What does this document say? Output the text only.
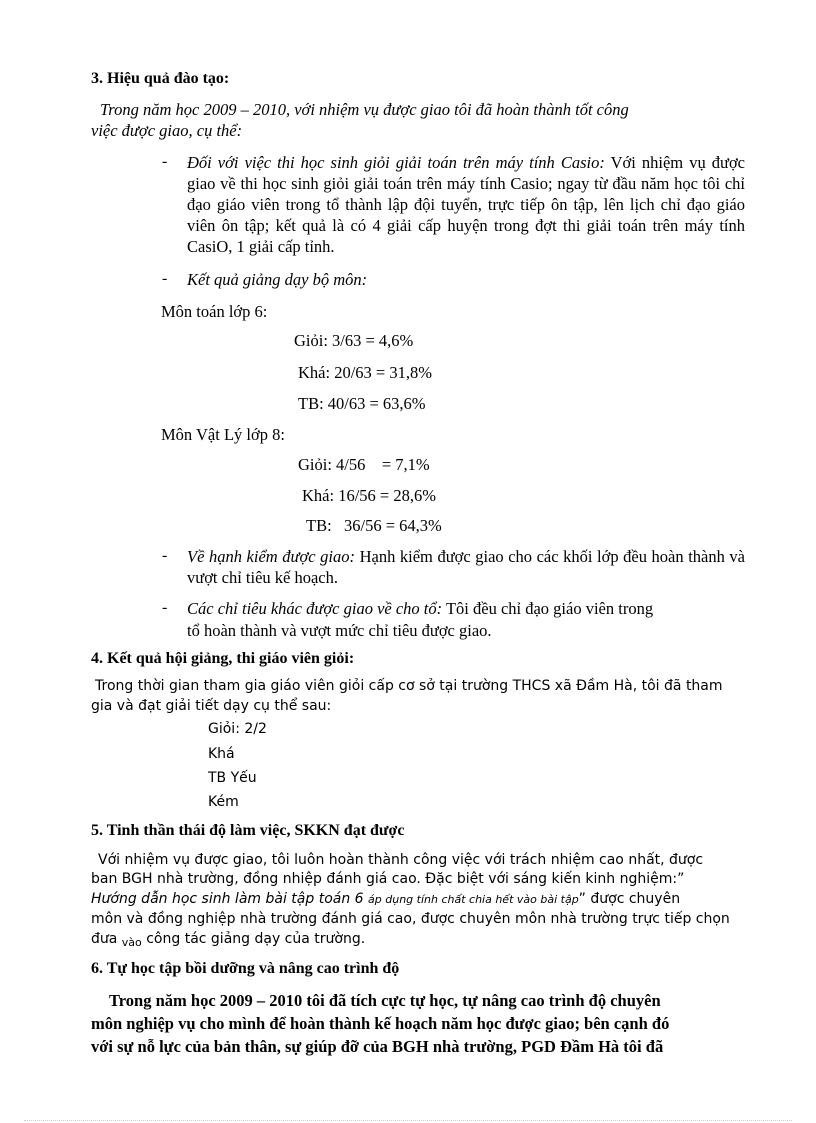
3. Hiệu quả đào tạo:
Trong năm học 2009 – 2010, với nhiệm vụ được giao tôi đã hoàn thành tốt công
việc được giao, cụ thể:
- Đối với việc thi học sinh giỏi giải toán trên máy tính Casio: Với nhiệm vụ được giao về thi học sinh giỏi giải toán trên máy tính Casio; ngay từ đầu năm học tôi chỉ đạo giáo viên trong tổ thành lập đội tuyển, trực tiếp ôn tập, lên lịch chỉ đạo giáo viên ôn tập; kết quả là có 4 giải cấp huyện trong đợt thi giải toán trên máy tính CasiO, 1 giải cấp tỉnh.
- Kết quả giảng dạy bộ môn:
Môn toán lớp 6:
Giỏi: 3/63 = 4,6%
Khá: 20/63 = 31,8%
TB: 40/63 = 63,6%
Môn Vật Lý lớp 8:
Giỏi: 4/56    = 7,1%
Khá: 16/56 = 28,6%
TB:   36/56 = 64,3%
- Về hạnh kiểm được giao: Hạnh kiểm được giao cho các khối lớp đều hoàn thành và vượt chỉ tiêu kế hoạch.
- Các chỉ tiêu khác được giao về cho tổ: Tôi đều chỉ đạo giáo viên trong
tổ hoàn thành và vượt mức chỉ tiêu được giao.
4. Kết quả hội giảng, thi giáo viên giỏi:
Trong thời gian tham gia giáo viên giỏi cấp cơ sở tại trường THCS xã Đầm Hà, tôi đã tham
gia và đạt giải tiết dạy cụ thể sau:
Giỏi: 2/2
Khá
TB Yếu
Kém
5. Tinh thần thái độ làm việc, SKKN đạt được
Với nhiệm vụ được giao, tôi luôn hoàn thành công việc với trách nhiệm cao nhất, được
ban BGH nhà trường, đồng nhiệp đánh giá cao. Đặc biệt với sáng kiến kinh nghiệm:”
Hướng dẫn học sinh làm bài tập toán 6 áp dụng tính chất chia hết vào bài tập” được chuyên
môn và đồng nghiệp nhà trường đánh giá cao, được chuyên môn nhà trường trực tiếp chọn
đưa $_{vào}$ công tác giảng dạy của trường.
6. Tự học tập bồi dưỡng và nâng cao trình độ
Trong năm học 2009 – 2010 tôi đã tích cực tự học, tự nâng cao trình độ chuyên
môn nghiệp vụ cho mình để hoàn thành kế hoạch năm học được giao; bên cạnh đó
với sự nỗ lực của bản thân, sự giúp đỡ của BGH nhà trường, PGD Đầm Hà tôi đã
